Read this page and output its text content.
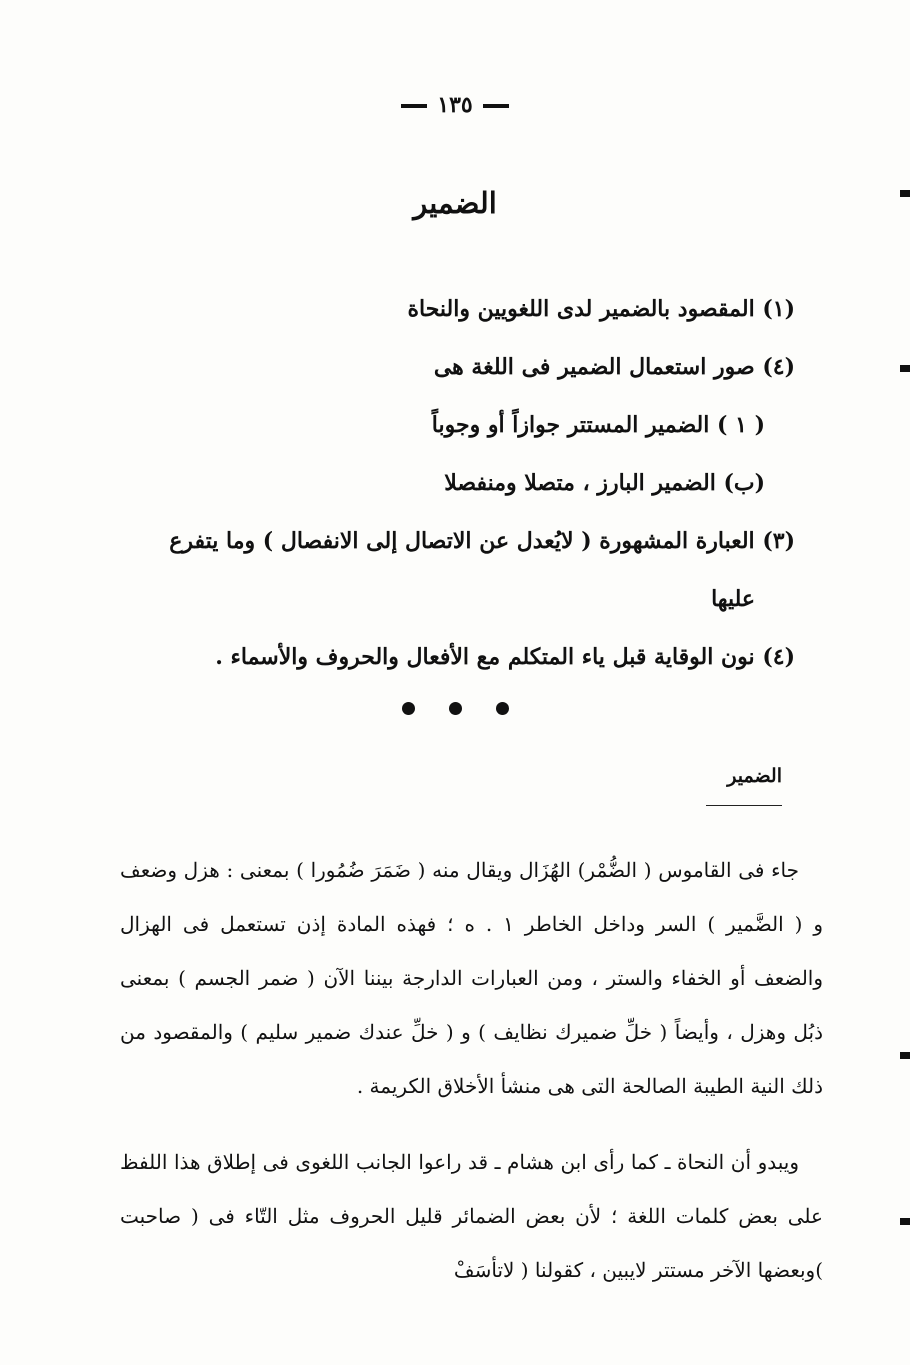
١٣٥
الضمير
(١) المقصود بالضمير لدى اللغويين والنحاة
(٤) صور استعمال الضمير فى اللغة هى
( ١ ) الضمير المستتر جوازاً أو وجوباً
(ب) الضمير البارز ، متصلا ومنفصلا
(٣) العبارة المشهورة ( لايُعدل عن الاتصال إلى الانفصال ) وما يتفرع
عليها
(٤) نون الوقاية قبل ياء المتكلم مع الأفعال والحروف والأسماء .
الضمير

جاء فى القاموس ( الضُّمْر) الهُزَال ويقال منه ( ضَمَرَ ضُمُورا ) بمعنى : هزل وضعف و ( الضَّمير ) السر وداخل الخاطر ١ . ه ؛ فهذه المادة إذن تستعمل فى الهزال والضعف أو الخفاء والستر ، ومن العبارات الدارجة بيننا الآن ( ضمر الجسم ) بمعنى ذبُل وهزل ، وأيضاً ( خلِّ ضميرك نظايف ) و ( خلِّ عندك ضمير سليم ) والمقصود من ذلك النية الطيبة الصالحة التى هى منشأ الأخلاق الكريمة .

ويبدو أن النحاة ـ كما رأى ابن هشام ـ قد راعوا الجانب اللغوى فى إطلاق هذا اللفظ على بعض كلمات اللغة ؛ لأن بعض الضمائر قليل الحروف مثل التّاء فى ( صاحبت )وبعضها الآخر مستتر لايبين ، كقولنا ( لاتأسَفْ
